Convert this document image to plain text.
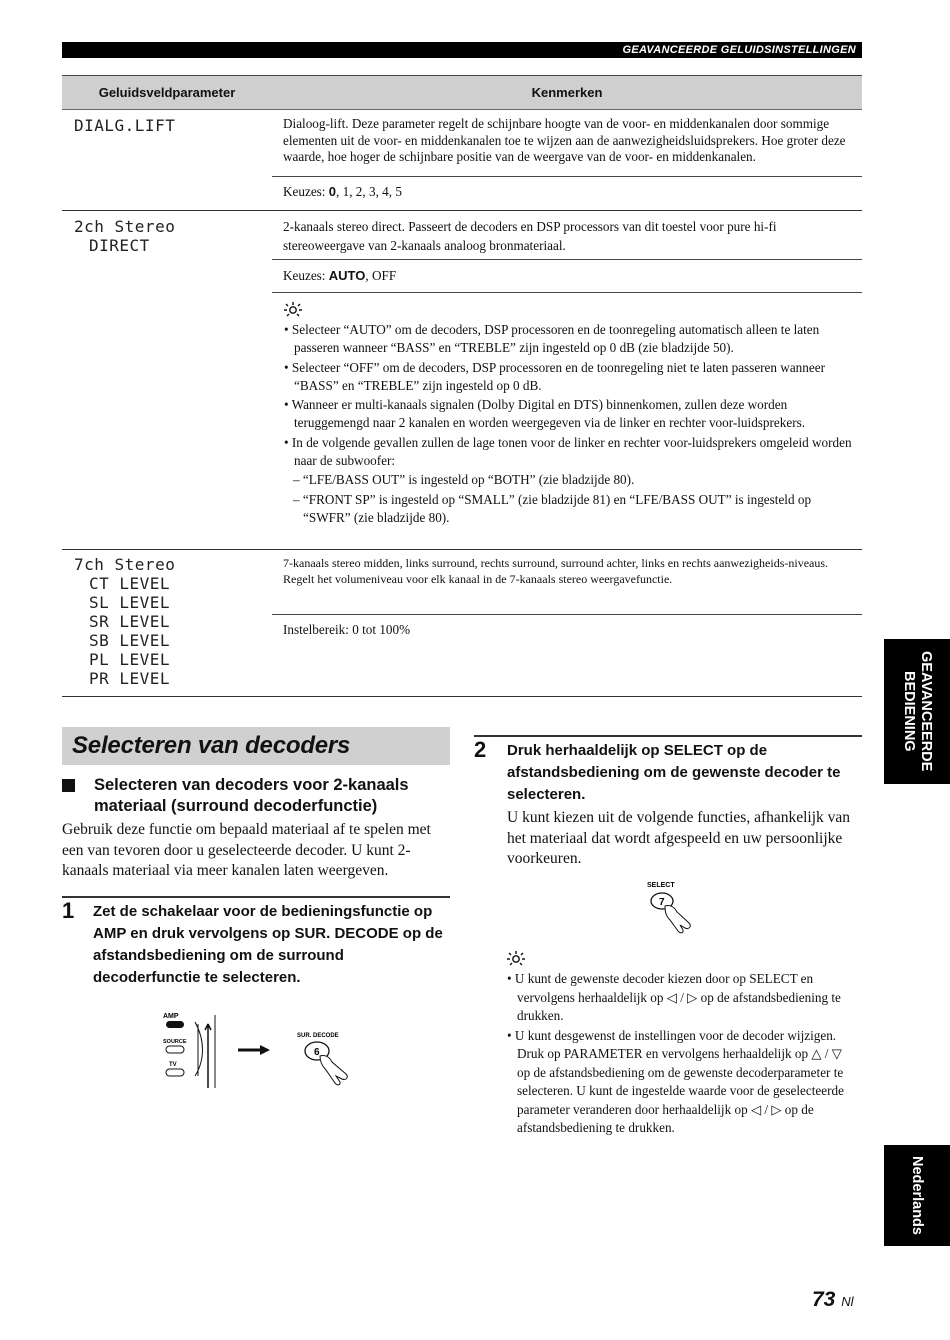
GEAVANCEERDE GELUIDSINSTELLINGEN
Geluidsveldparameter	Kenmerken
DIALG.LIFT	Dialoog-lift. Deze parameter regelt de schijnbare hoogte van de voor- en middenkanalen door sommige elementen uit de voor- en middenkanalen toe te wijzen aan de aanwezigheidsluidsprekers. Hoe groter deze waarde, hoe hoger de schijnbare positie van de weergave van de voor- en middenkanalen.
Keuzes: 0, 1, 2, 3, 4, 5
2ch Stereo
DIRECT
2-kanaals stereo direct. Passeert de decoders en DSP processors van dit toestel voor pure hi-fi stereoweergave van 2-kanaals analoog bronmateriaal.
Keuzes: AUTO, OFF
• Selecteer “AUTO” om de decoders, DSP processoren en de toonregeling automatisch alleen te laten passeren wanneer “BASS” en “TREBLE” zijn ingesteld op 0 dB (zie bladzijde 50).
• Selecteer “OFF” om de decoders, DSP processoren en de toonregeling niet te laten passeren wanneer “BASS” en “TREBLE” zijn ingesteld op 0 dB.
• Wanneer er multi-kanaals signalen (Dolby Digital en DTS) binnenkomen, zullen deze worden teruggemengd naar 2 kanalen en worden weergegeven via de linker en rechter voor-luidsprekers.
• In de volgende gevallen zullen de lage tonen voor de linker en rechter voor-luidsprekers omgeleid worden naar de subwoofer:
– “LFE/BASS OUT” is ingesteld op “BOTH” (zie bladzijde 80).
– “FRONT SP” is ingesteld op “SMALL” (zie bladzijde 81) en “LFE/BASS OUT” is ingesteld op “SWFR” (zie bladzijde 80).
7ch Stereo
CT LEVEL
SL LEVEL
SR LEVEL
SB LEVEL
PL LEVEL
PR LEVEL
7-kanaals stereo midden, links surround, rechts surround, surround achter, links en rechts aanwezigheids-niveaus. Regelt het volumeniveau voor elk kanaal in de 7-kanaals stereo weergavefunctie.
Instelbereik: 0 tot 100%
Selecteren van decoders
Selecteren van decoders voor 2-kanaals materiaal (surround decoderfunctie)
Gebruik deze functie om bepaald materiaal af te spelen met een van tevoren door u geselecteerde decoder. U kunt 2-kanaals materiaal via meer kanalen laten weergeven.
1 Zet de schakelaar voor de bedieningsfunctie op AMP en druk vervolgens op SUR. DECODE op de afstandsbediening om de surround decoderfunctie te selecteren.
AMP
SOURCE
TV
SUR. DECODE
6
2 Druk herhaaldelijk op SELECT op de afstandsbediening om de gewenste decoder te selecteren.
U kunt kiezen uit de volgende functies, afhankelijk van het materiaal dat wordt afgespeeld en uw persoonlijke voorkeuren.
SELECT
7
• U kunt de gewenste decoder kiezen door op SELECT en vervolgens herhaaldelijk op ◁ / ▷ op de afstandsbediening te drukken.
• U kunt desgewenst de instellingen voor de decoder wijzigen. Druk op PARAMETER en vervolgens herhaaldelijk op △ / ▽ op de afstandsbediening om de gewenste decoderparameter te selecteren. U kunt de ingestelde waarde voor de geselecteerde parameter veranderen door herhaaldelijk op ◁ / ▷ op de afstandsbediening te drukken.
GEAVANCEERDE BEDIENING
Nederlands
73 Nl
